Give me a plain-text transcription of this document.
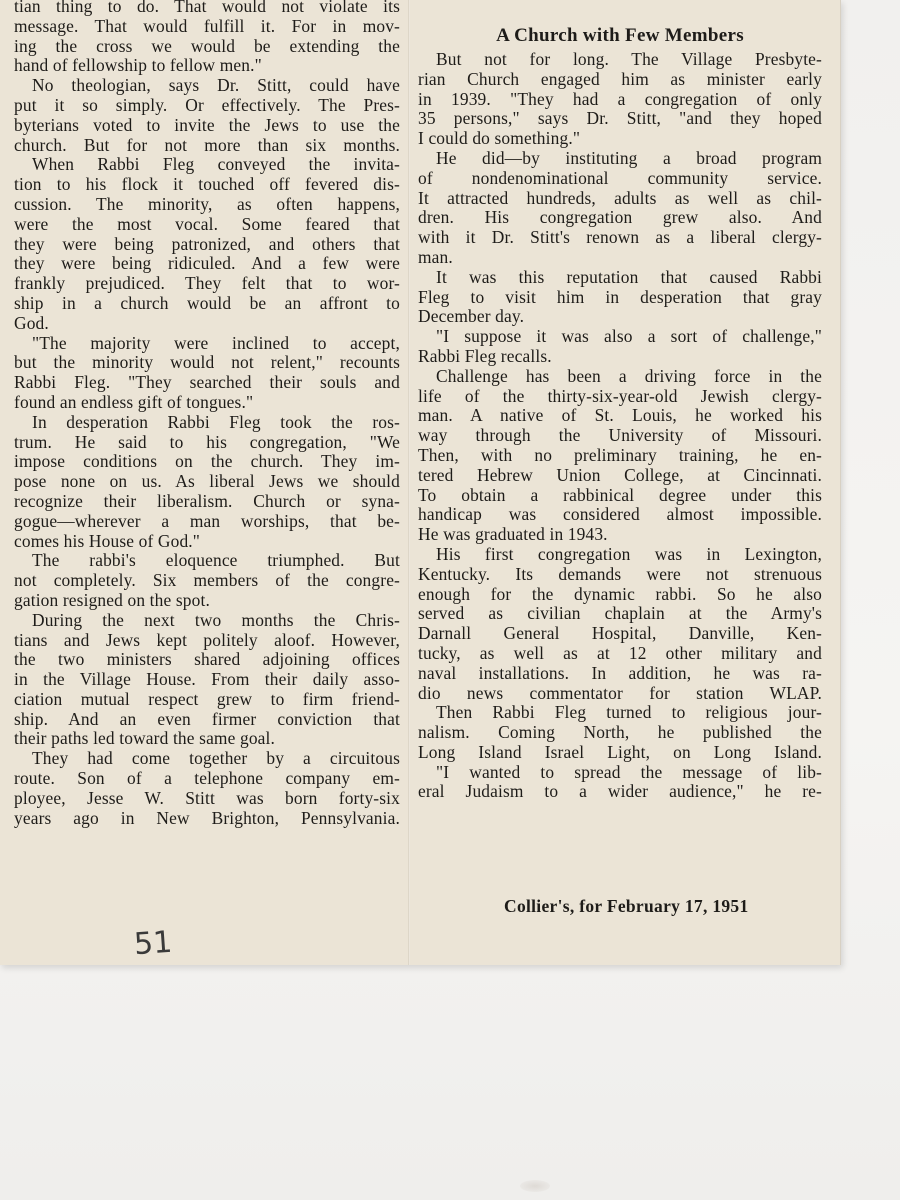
tian thing to do. That would not violate its
message. That would fulfill it. For in mov-
ing the cross we would be extending the
hand of fellowship to fellow men."
No theologian, says Dr. Stitt, could have
put it so simply. Or effectively. The Pres-
byterians voted to invite the Jews to use the
church. But for not more than six months.
When Rabbi Fleg conveyed the invita-
tion to his flock it touched off fevered dis-
cussion. The minority, as often happens,
were the most vocal. Some feared that
they were being patronized, and others that
they were being ridiculed. And a few were
frankly prejudiced. They felt that to wor-
ship in a church would be an affront to
God.
"The majority were inclined to accept,
but the minority would not relent," recounts
Rabbi Fleg. "They searched their souls and
found an endless gift of tongues."
In desperation Rabbi Fleg took the ros-
trum. He said to his congregation, "We
impose conditions on the church. They im-
pose none on us. As liberal Jews we should
recognize their liberalism. Church or syna-
gogue—wherever a man worships, that be-
comes his House of God."
The rabbi's eloquence triumphed. But
not completely. Six members of the congre-
gation resigned on the spot.
During the next two months the Chris-
tians and Jews kept politely aloof. However,
the two ministers shared adjoining offices
in the Village House. From their daily asso-
ciation mutual respect grew to firm friend-
ship. And an even firmer conviction that
their paths led toward the same goal.
They had come together by a circuitous
route. Son of a telephone company em-
ployee, Jesse W. Stitt was born forty-six
years ago in New Brighton, Pennsylvania.
A Church with Few Members
But not for long. The Village Presbyte-
rian Church engaged him as minister early
in 1939. "They had a congregation of only
35 persons," says Dr. Stitt, "and they hoped
I could do something."
He did—by instituting a broad program
of nondenominational community service.
It attracted hundreds, adults as well as chil-
dren. His congregation grew also. And
with it Dr. Stitt's renown as a liberal clergy-
man.
It was this reputation that caused Rabbi
Fleg to visit him in desperation that gray
December day.
"I suppose it was also a sort of challenge,"
Rabbi Fleg recalls.
Challenge has been a driving force in the
life of the thirty-six-year-old Jewish clergy-
man. A native of St. Louis, he worked his
way through the University of Missouri.
Then, with no preliminary training, he en-
tered Hebrew Union College, at Cincinnati.
To obtain a rabbinical degree under this
handicap was considered almost impossible.
He was graduated in 1943.
His first congregation was in Lexington,
Kentucky. Its demands were not strenuous
enough for the dynamic rabbi. So he also
served as civilian chaplain at the Army's
Darnall General Hospital, Danville, Ken-
tucky, as well as at 12 other military and
naval installations. In addition, he was ra-
dio news commentator for station WLAP.
Then Rabbi Fleg turned to religious jour-
nalism. Coming North, he published the
Long Island Israel Light, on Long Island.
"I wanted to spread the message of lib-
eral Judaism to a wider audience," he re-
Collier's, for February 17, 1951
51
